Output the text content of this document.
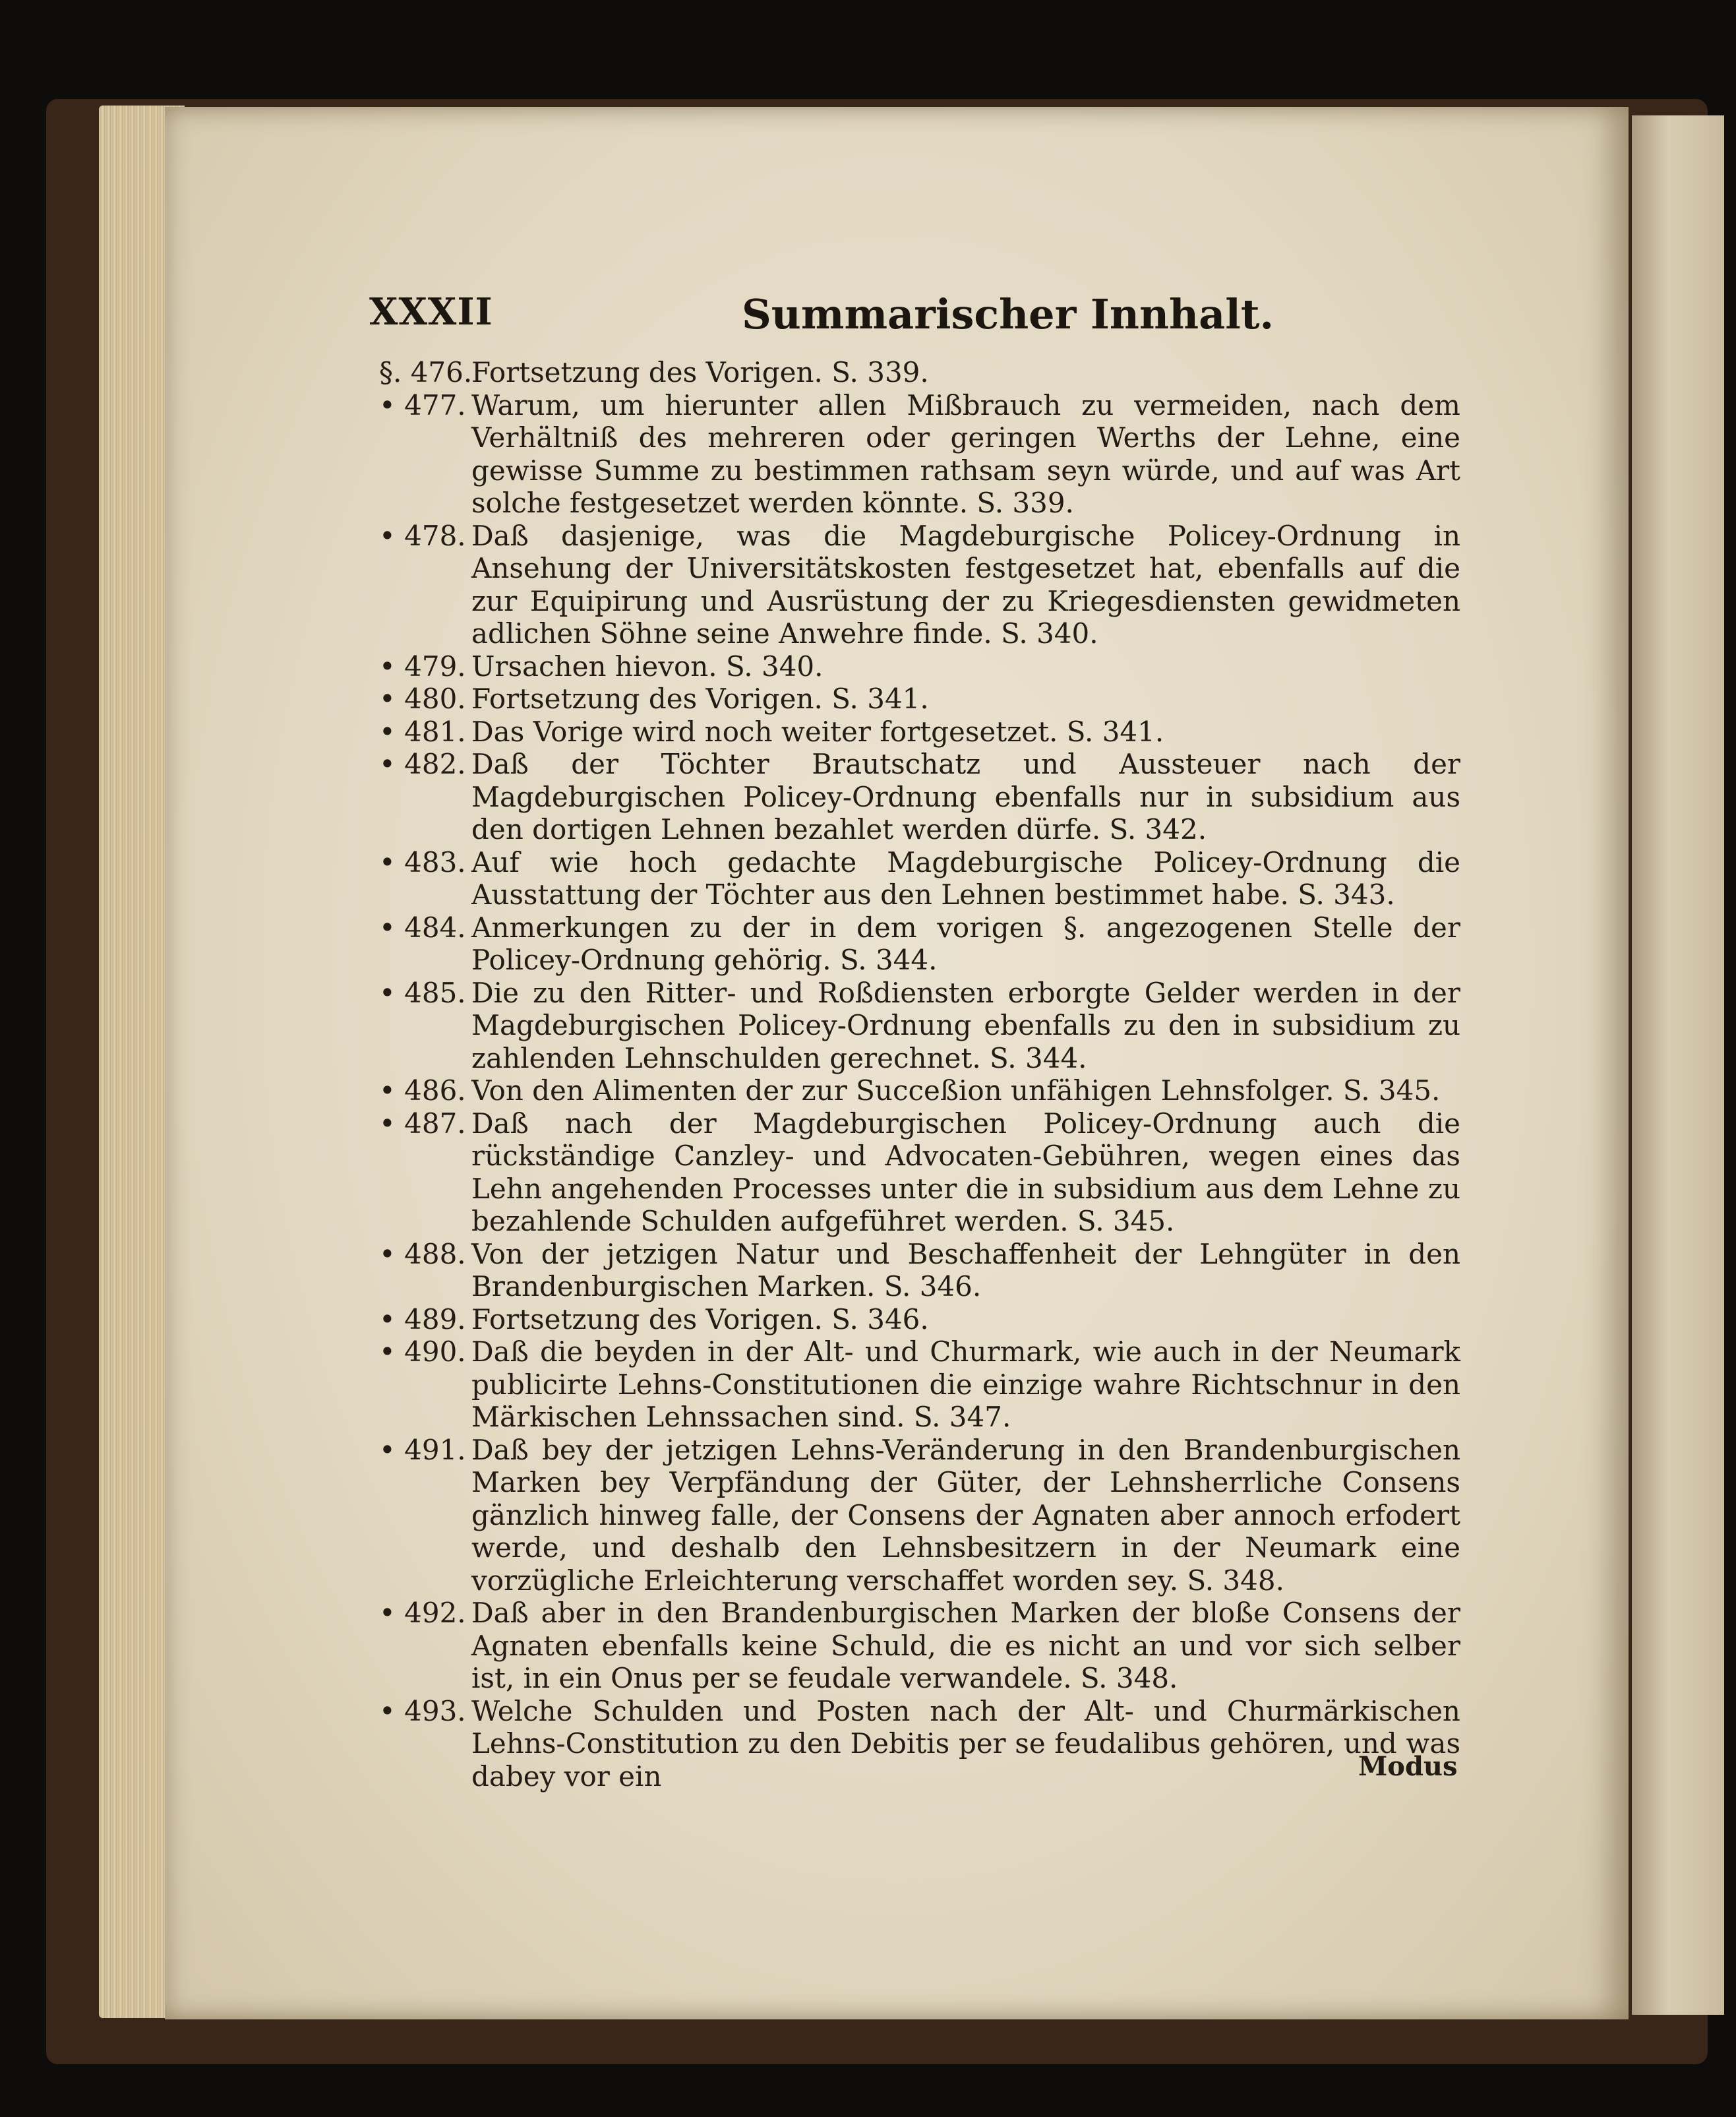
XXXII	Summarischer Innhalt.
§. 476.
Fortsetzung des Vorigen. S. 339.
• 477. Warum, um hierunter allen Mißbrauch zu vermeiden, nach dem Verhältniß des mehreren oder geringen Werths der Lehne, eine gewisse Summe zu bestimmen rathsam seyn würde, und auf was Art solche festgesetzet werden könnte. S. 339.
• 478. Daß dasjenige, was die Magdeburgische Policey-Ordnung in Ansehung der Universitätskosten festgesetzet hat, ebenfalls auf die zur Equipirung und Ausrüstung der zu Kriegesdiensten gewidmeten adlichen Söhne seine Anwehre finde. S. 340.
• 479. Ursachen hievon. S. 340.
• 480. Fortsetzung des Vorigen. S. 341.
• 481. Das Vorige wird noch weiter fortgesetzet. S. 341.
• 482. Daß der Töchter Brautschatz und Aussteuer nach der Magdeburgischen Policey-Ordnung ebenfalls nur in subsidium aus den dortigen Lehnen bezahlet werden dürfe. S. 342.
• 483. Auf wie hoch gedachte Magdeburgische Policey-Ordnung die Ausstattung der Töchter aus den Lehnen bestimmet habe. S. 343.
• 484. Anmerkungen zu der in dem vorigen §. angezogenen Stelle der Policey-Ordnung gehörig. S. 344.
• 485. Die zu den Ritter- und Roßdiensten erborgte Gelder werden in der Magdeburgischen Policey-Ordnung ebenfalls zu den in subsidium zu zahlenden Lehnschulden gerechnet. S. 344.
• 486. Von den Alimenten der zur Succeßion unfähigen Lehnsfolger. S. 345.
• 487. Daß nach der Magdeburgischen Policey-Ordnung auch die rückständige Canzley- und Advocaten-Gebühren, wegen eines das Lehn angehenden Processes unter die in subsidium aus dem Lehne zu bezahlende Schulden aufgeführet werden. S. 345.
• 488. Von der jetzigen Natur und Beschaffenheit der Lehngüter in den Brandenburgischen Marken. S. 346.
• 489. Fortsetzung des Vorigen. S. 346.
• 490. Daß die beyden in der Alt- und Churmark, wie auch in der Neumark publicirte Lehns-Constitutionen die einzige wahre Richtschnur in den Märkischen Lehnssachen sind. S. 347.
• 491. Daß bey der jetzigen Lehns-Veränderung in den Brandenburgischen Marken bey Verpfändung der Güter, der Lehnsherrliche Consens gänzlich hinweg falle, der Consens der Agnaten aber annoch erfodert werde, und deshalb den Lehnsbesitzern in der Neumark eine vorzügliche Erleichterung verschaffet worden sey. S. 348.
• 492. Daß aber in den Brandenburgischen Marken der bloße Consens der Agnaten ebenfalls keine Schuld, die es nicht an und vor sich selber ist, in ein Onus per se feudale verwandele. S. 348.
• 493. Welche Schulden und Posten nach der Alt- und Churmärkischen Lehns-Constitution zu den Debitis per se feudalibus gehören, und was dabey vor ein	Modus
